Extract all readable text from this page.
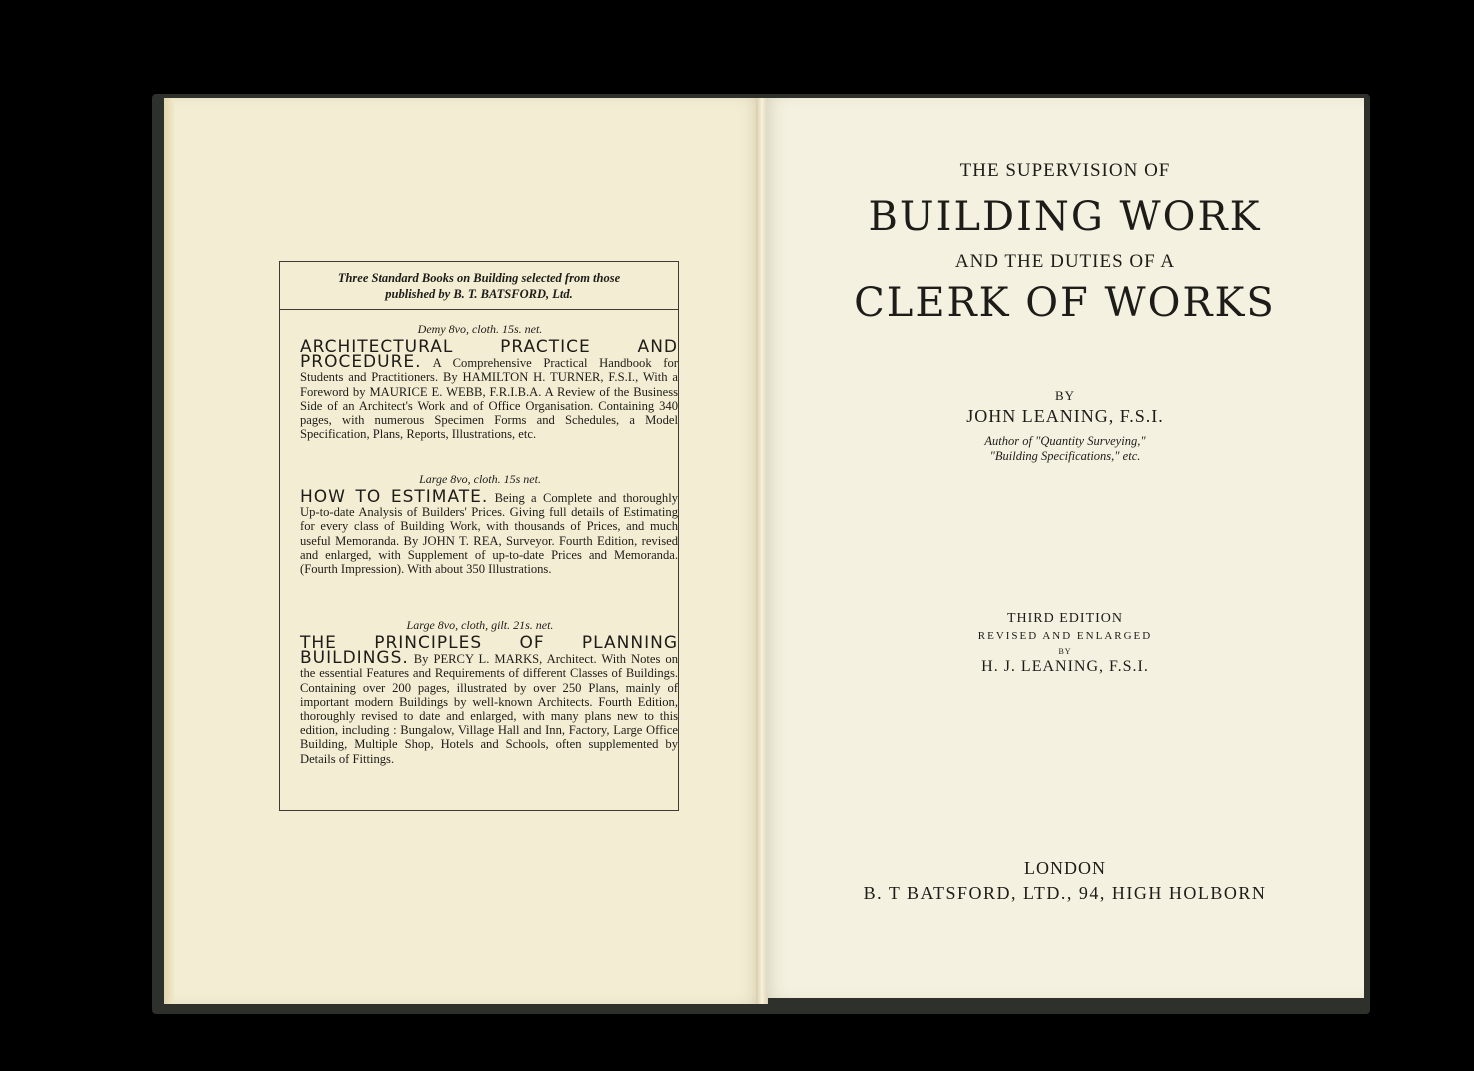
Three Standard Books on Building selected from those
published by B. T. BATSFORD, Ltd.
Demy 8vo, cloth. 15s. net.
ARCHITECTURAL PRACTICE AND PROCEDURE. A Comprehensive Practical Handbook for Students and Practitioners. By HAMILTON H. TURNER, F.S.I., With a Foreword by MAURICE E. WEBB, F.R.I.B.A. A Review of the Business Side of an Architect's Work and of Office Organisation. Containing 340 pages, with numerous Specimen Forms and Schedules, a Model Specification, Plans, Reports, Illustrations, etc.
Large 8vo, cloth. 15s net.
HOW TO ESTIMATE. Being a Complete and thoroughly Up-to-date Analysis of Builders' Prices. Giving full details of Estimating for every class of Building Work, with thousands of Prices, and much useful Memoranda. By JOHN T. REA, Surveyor. Fourth Edition, revised and enlarged, with Supplement of up-to-date Prices and Memoranda. (Fourth Impression). With about 350 Illustrations.
Large 8vo, cloth, gilt. 21s. net.
THE PRINCIPLES OF PLANNING BUILDINGS. By PERCY L. MARKS, Architect. With Notes on the essential Features and Requirements of different Classes of Buildings. Containing over 200 pages, illustrated by over 250 Plans, mainly of important modern Buildings by well-known Architects. Fourth Edition, thoroughly revised to date and enlarged, with many plans new to this edition, including : Bungalow, Village Hall and Inn, Factory, Large Office Building, Multiple Shop, Hotels and Schools, often supplemented by Details of Fittings.
THE SUPERVISION OF
BUILDING WORK
AND THE DUTIES OF A
CLERK OF WORKS
BY
JOHN LEANING, F.S.I.
Author of "Quantity Surveying,"
"Building Specifications," etc.
THIRD EDITION
REVISED AND ENLARGED
BY
H. J. LEANING, F.S.I.
LONDON
B. T BATSFORD, LTD., 94, HIGH HOLBORN
